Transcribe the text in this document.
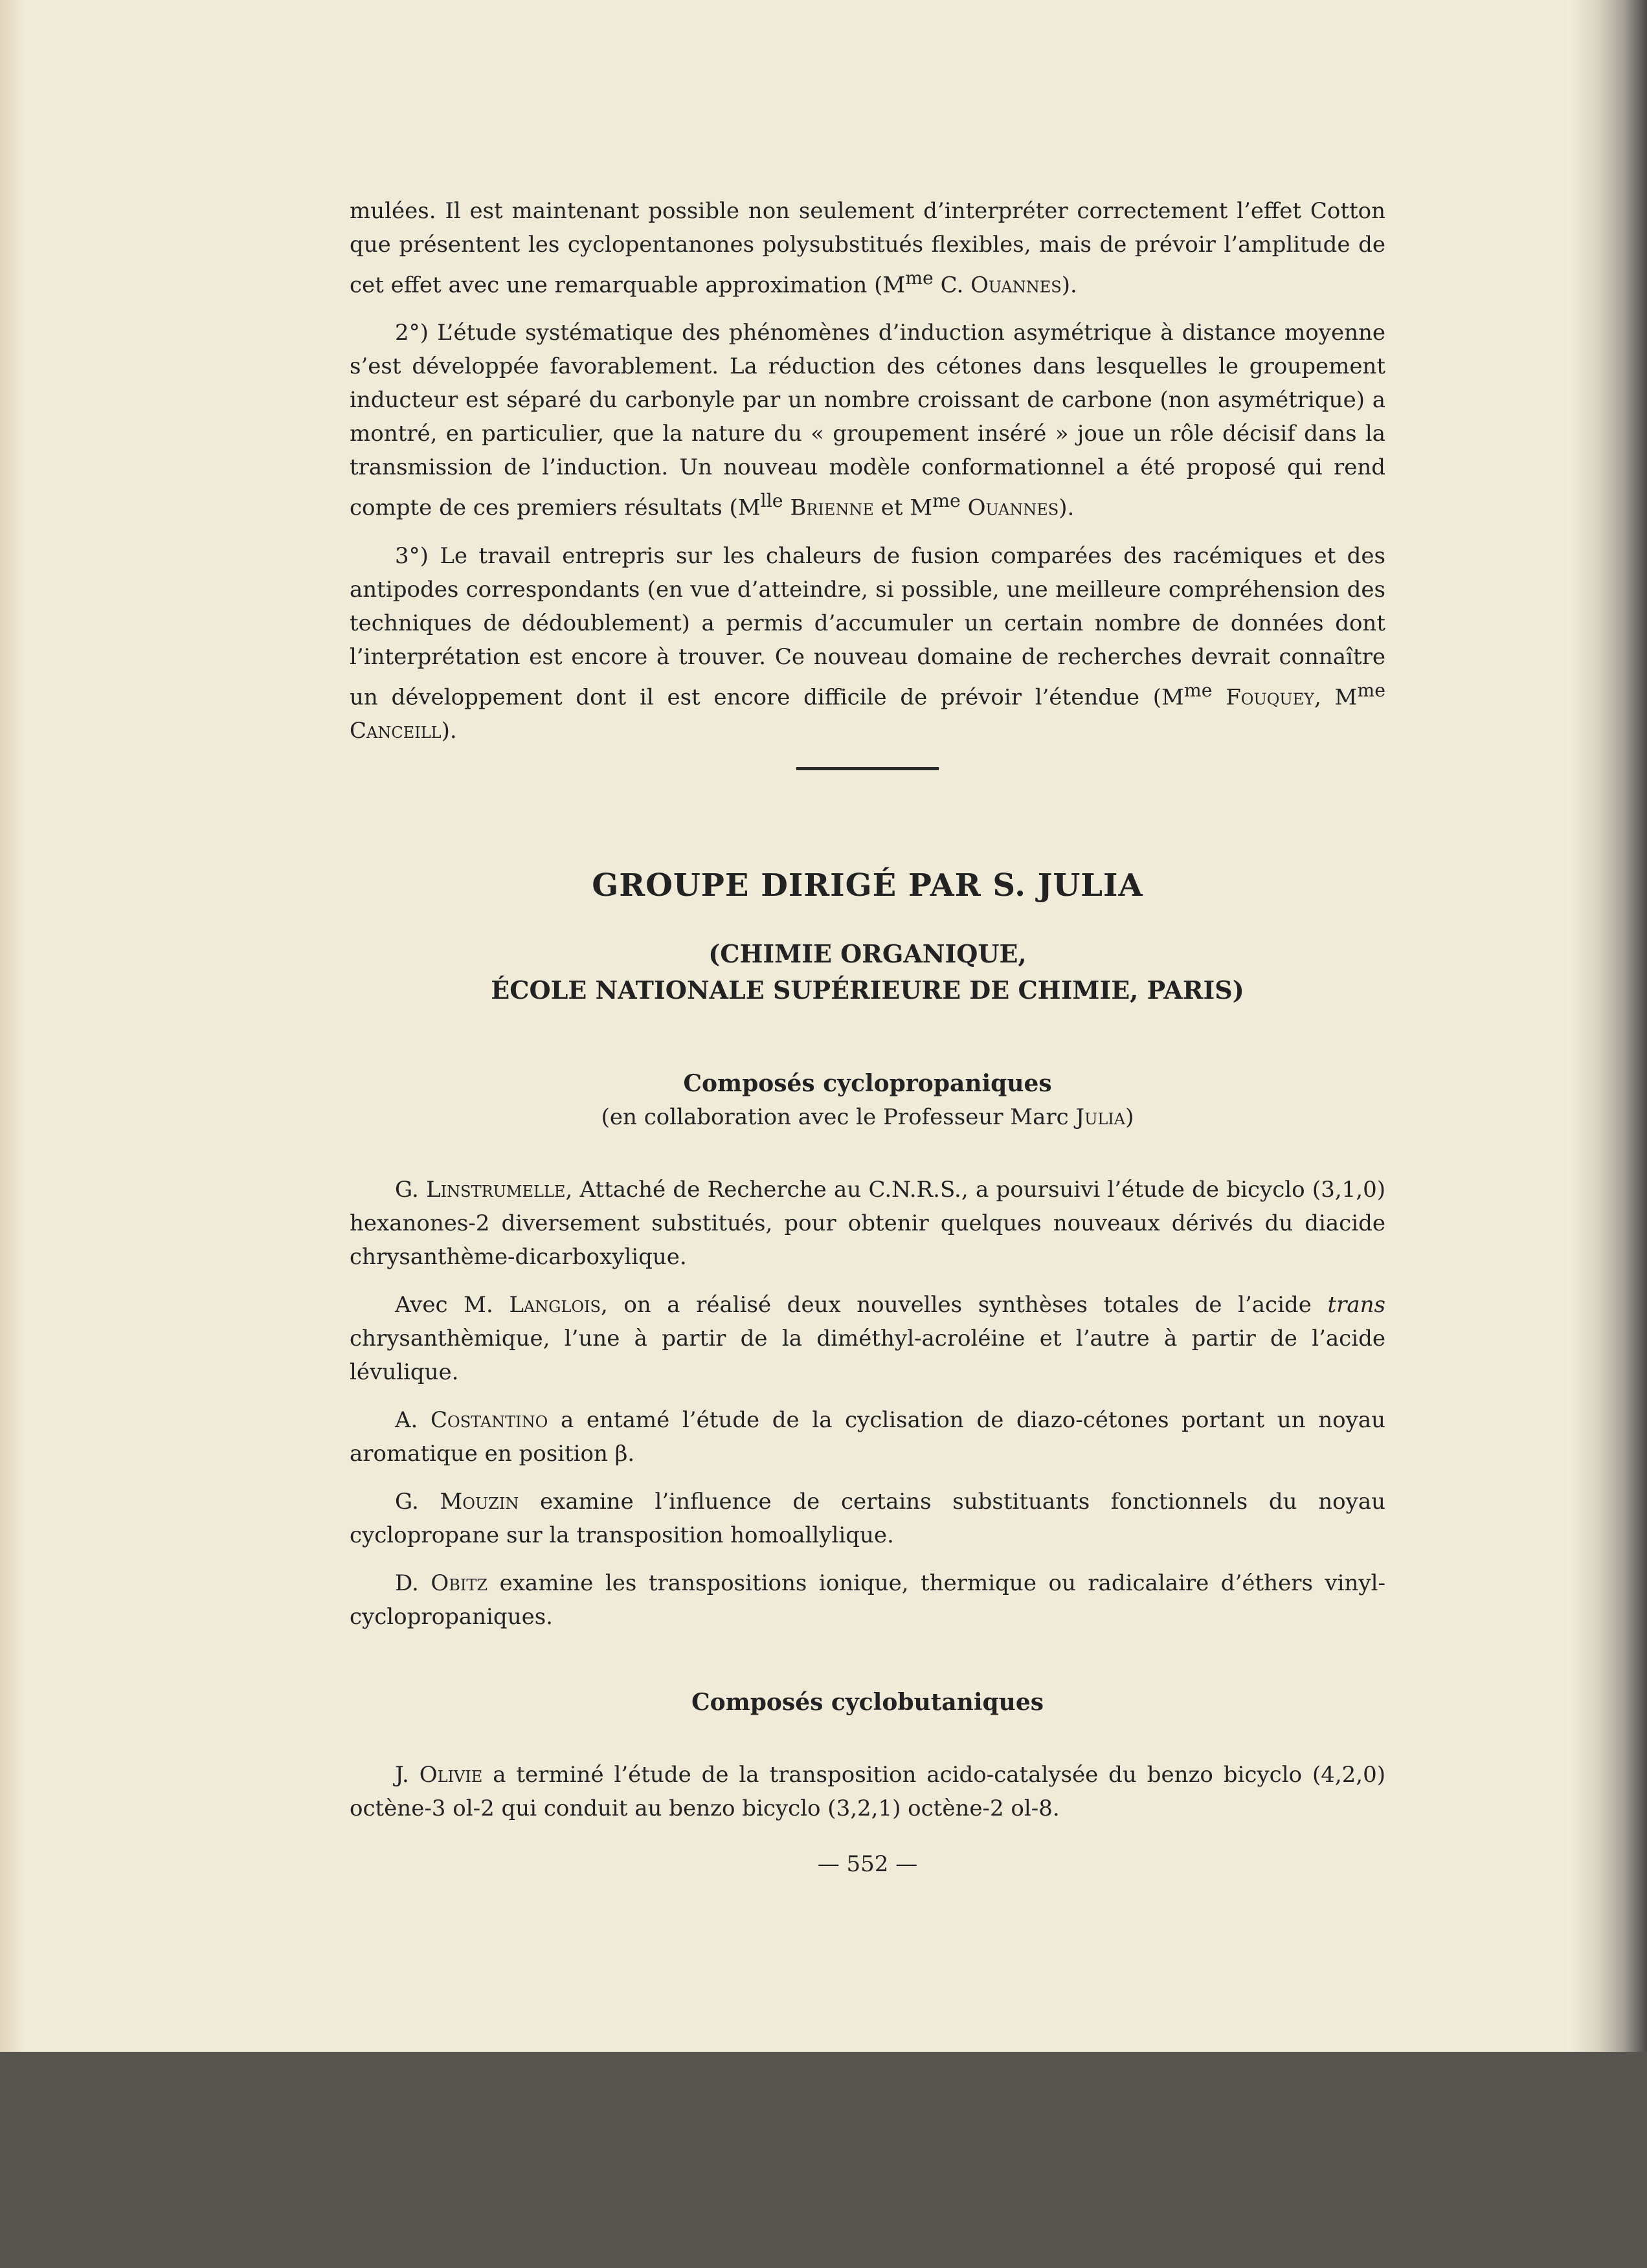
mulées. Il est maintenant possible non seulement d’interpréter correctement l’effet Cotton que présentent les cyclopentanones polysubstitués flexibles, mais de prévoir l’amplitude de cet effet avec une remarquable approximation ($M^{me}$ C. Ouannes).

2°) L’étude systématique des phénomènes d’induction asymétrique à distance moyenne s’est développée favorablement. La réduction des cétones dans lesquelles le groupement inducteur est séparé du carbonyle par un nombre croissant de carbone (non asymétrique) a montré, en particulier, que la nature du « groupement inséré » joue un rôle décisif dans la transmission de l’induction. Un nouveau modèle conformationnel a été proposé qui rend compte de ces premiers résultats ($M^{lle}$ Brienne et $M^{me}$ Ouannes).

3°) Le travail entrepris sur les chaleurs de fusion comparées des racémiques et des antipodes correspondants (en vue d’atteindre, si possible, une meilleure compréhension des techniques de dédoublement) a permis d’accumuler un certain nombre de données dont l’interprétation est encore à trouver. Ce nouveau domaine de recherches devrait connaître un développement dont il est encore difficile de prévoir l’étendue ($M^{me}$ Fouquey, $M^{me}$ Canceill).

GROUPE DIRIGÉ PAR S. JULIA

(CHIMIE ORGANIQUE,

ÉCOLE NATIONALE SUPÉRIEURE DE CHIMIE, PARIS)

Composés cyclopropaniques

(en collaboration avec le Professeur Marc Julia)

G. Linstrumelle, Attaché de Recherche au C.N.R.S., a poursuivi l’étude de bicyclo (3,1,0) hexanones-2 diversement substitués, pour obtenir quelques nouveaux dérivés du diacide chrysanthème-dicarboxylique.

Avec M. Langlois, on a réalisé deux nouvelles synthèses totales de l’acide trans chrysanthèmique, l’une à partir de la diméthyl-acroléine et l’autre à partir de l’acide lévulique.

A. Costantino a entamé l’étude de la cyclisation de diazo-cétones portant un noyau aromatique en position β.

G. Mouzin examine l’influence de certains substituants fonctionnels du noyau cyclopropane sur la transposition homoallylique.

D. Obitz examine les transpositions ionique, thermique ou radicalaire d’éthers vinyl-cyclopropaniques.

Composés cyclobutaniques

J. Olivie a terminé l’étude de la transposition acido-catalysée du benzo bicyclo (4,2,0) octène-3 ol-2 qui conduit au benzo bicyclo (3,2,1) octène-2 ol-8.

— 552 —
